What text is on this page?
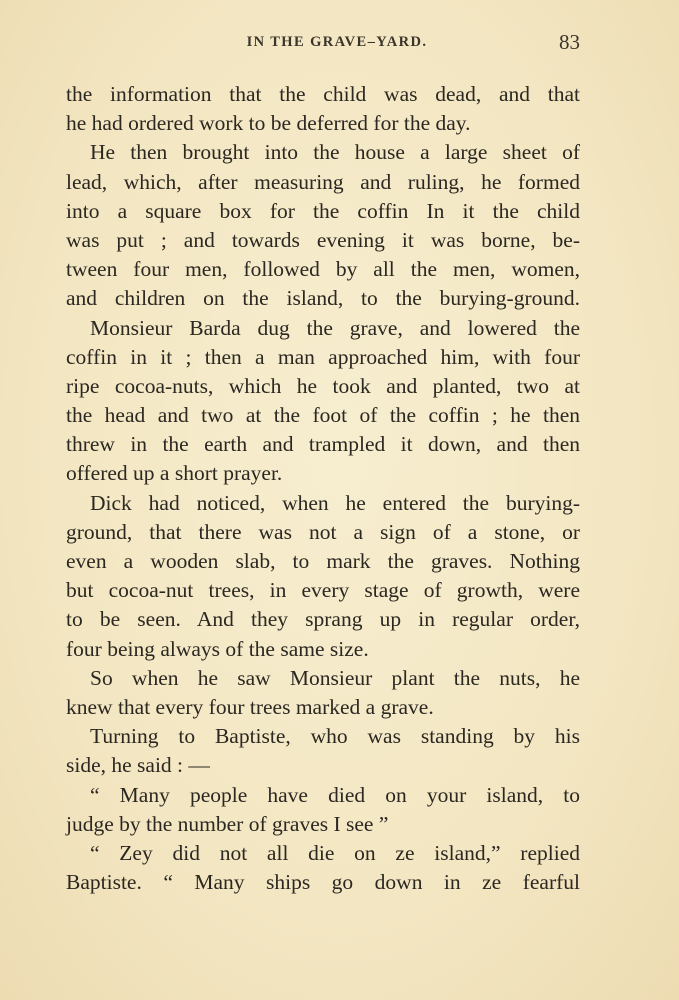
IN THE GRAVE–YARD.	83
the information that the child was dead, and that
he had ordered work to be deferred for the day.
He then brought into the house a large sheet of
lead, which, after measuring and ruling, he formed
into a square box for the coffin In it the child
was put ; and towards evening it was borne, be-
tween four men, followed by all the men, women,
and children on the island, to the burying-ground.
Monsieur Barda dug the grave, and lowered the
coffin in it ; then a man approached him, with four
ripe cocoa-nuts, which he took and planted, two at
the head and two at the foot of the coffin ; he then
threw in the earth and trampled it down, and then
offered up a short prayer.
Dick had noticed, when he entered the burying-
ground, that there was not a sign of a stone, or
even a wooden slab, to mark the graves. Nothing
but cocoa-nut trees, in every stage of growth, were
to be seen. And they sprang up in regular order,
four being always of the same size.
So when he saw Monsieur plant the nuts, he
knew that every four trees marked a grave.
Turning to Baptiste, who was standing by his
side, he said : —
“ Many people have died on your island, to
judge by the number of graves I see ”
“ Zey did not all die on ze island,” replied
Baptiste. “ Many ships go down in ze fearful
